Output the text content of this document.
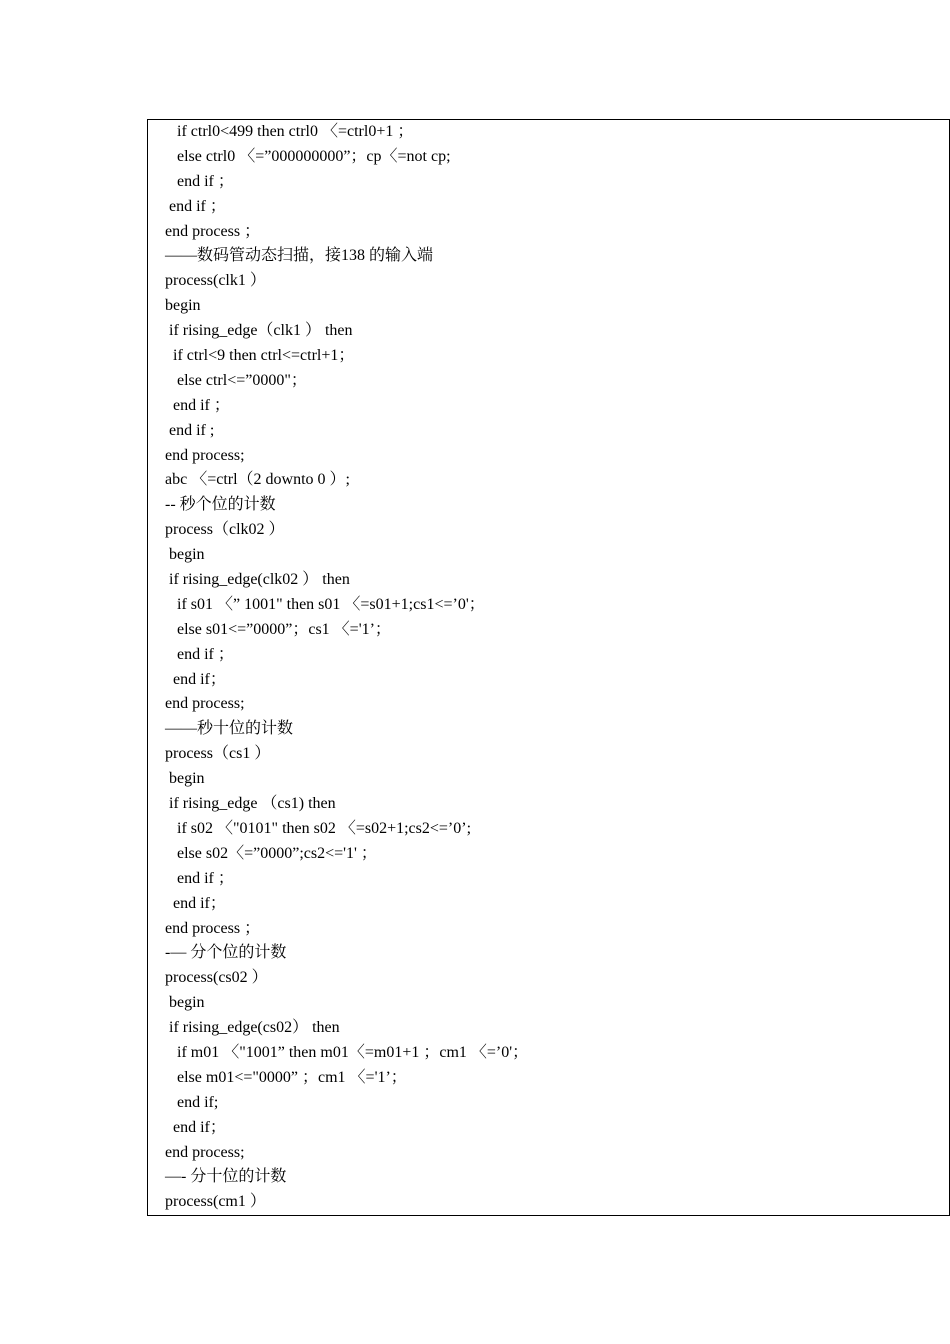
if ctrl0<499 then ctrl0 〈=ctrl0+1 ；
else ctrl0 〈=”000000000”；cp〈=not cp;
end if ；
end if ；
end process ；
——数码管动态扫描，接138 的输入端
process(clk1 ）
begin
if rising_edge（clk1 ） then
if ctrl<9 then ctrl<=ctrl+1；
else ctrl<=”0000"；
end if ；
end if ;
end process;
abc 〈=ctrl（2 downto 0 ）;
-- 秒个位的计数
process（clk02 ）
begin
if rising_edge(clk02 ） then
if s01 〈” 1001" then s01 〈=s01+1;cs1<=’0'；
else s01<=”0000”；cs1 〈='1’；
end if ；
end if；
end process;
——秒十位的计数
process（cs1 ）
begin
if rising_edge （cs1) then
if s02 〈"0101" then s02 〈=s02+1;cs2<=’0’;
else s02〈=”0000”;cs2<='1' ；
end if ；
end if；
end process ；
-— 分个位的计数
process(cs02 ）
begin
if rising_edge(cs02） then
if m01 〈"1001” then m01〈=m01+1 ；cm1 〈=’0'；
else m01<="0000” ；cm1 〈='1’；
end if;
end if；
end process;
—- 分十位的计数
process(cm1 ）
